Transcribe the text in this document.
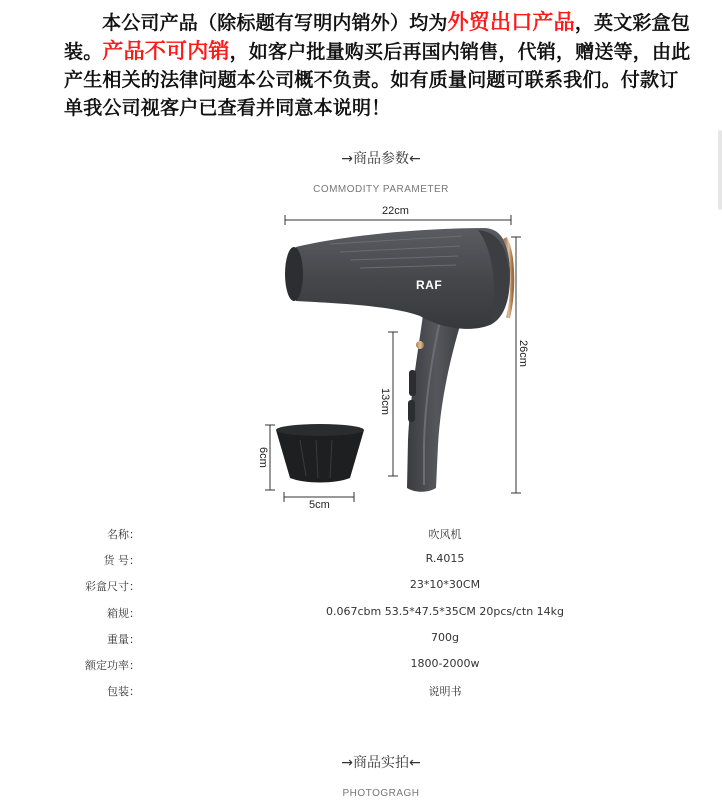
本公司产品（除标题有写明内销外）均为外贸出口产品，英文彩盒包装。产品不可内销，如客户批量购买后再国内销售，代销，赠送等，由此产生相关的法律问题本公司概不负责。如有质量问题可联系我们。付款订单我公司视客户已查看并同意本说明！
→商品参数←
COMMODITY PARAMETER
RAF
22cm
26cm
13cm
6cm
5cm
名称：	吹风机
货 号：	R.4015
彩盒尺寸：	23*10*30CM
箱规：	0.067cbm 53.5*47.5*35CM 20pcs/ctn 14kg
重量：	700g
额定功率：	1800-2000w
包装：	说明书
→商品实拍←
PHOTOGRAGH
